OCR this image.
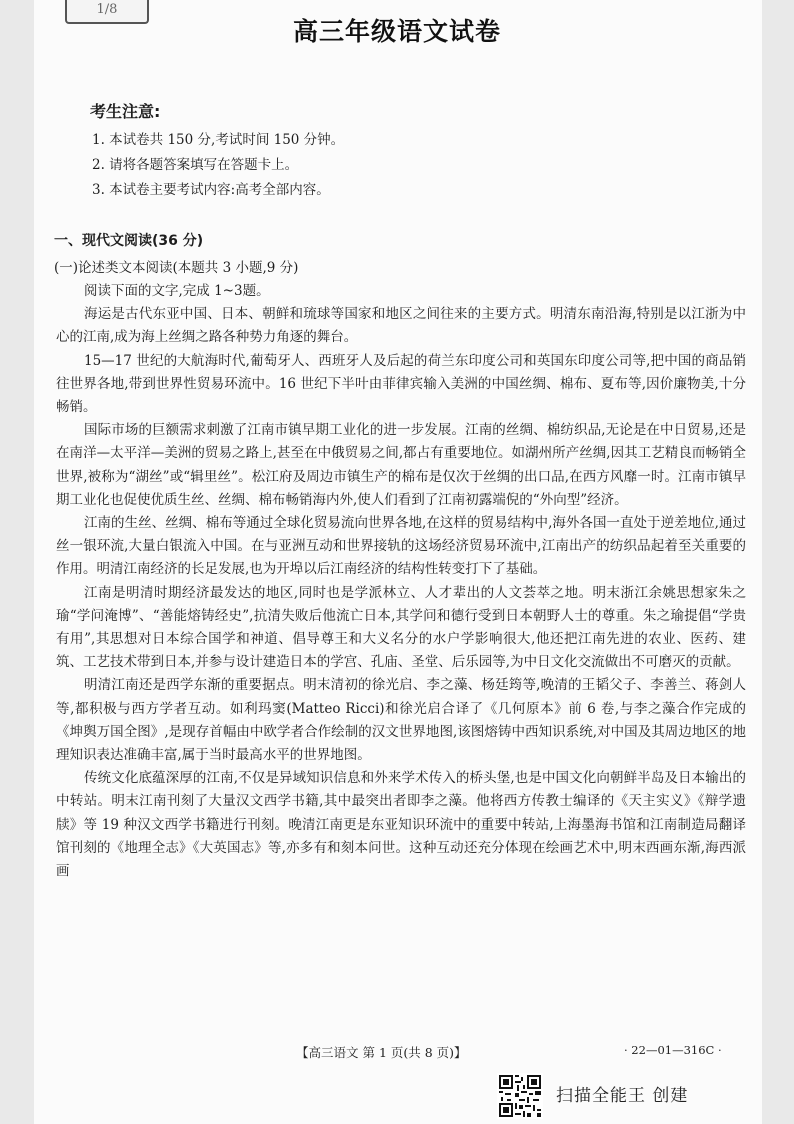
1/8
高三年级语文试卷
考生注意:
1. 本试卷共 150 分,考试时间 150 分钟。
2. 请将各题答案填写在答题卡上。
3. 本试卷主要考试内容:高考全部内容。
一、现代文阅读(36 分)
(一)论述类文本阅读(本题共 3 小题,9 分)

阅读下面的文字,完成 1~3题。

海运是古代东亚中国、日本、朝鲜和琉球等国家和地区之间往来的主要方式。明清东南沿海,特别是以江浙为中心的江南,成为海上丝绸之路各种势力角逐的舞台。

15—17 世纪的大航海时代,葡萄牙人、西班牙人及后起的荷兰东印度公司和英国东印度公司等,把中国的商品销往世界各地,带到世界性贸易环流中。16 世纪下半叶由菲律宾输入美洲的中国丝绸、棉布、夏布等,因价廉物美,十分畅销。

国际市场的巨额需求刺激了江南市镇早期工业化的进一步发展。江南的丝绸、棉纺织品,无论是在中日贸易,还是在南洋—太平洋—美洲的贸易之路上,甚至在中俄贸易之间,都占有重要地位。如湖州所产丝绸,因其工艺精良而畅销全世界,被称为“湖丝”或“辑里丝”。松江府及周边市镇生产的棉布是仅次于丝绸的出口品,在西方风靡一时。江南市镇早期工业化也促使优质生丝、丝绸、棉布畅销海内外,使人们看到了江南初露端倪的“外向型”经济。

江南的生丝、丝绸、棉布等通过全球化贸易流向世界各地,在这样的贸易结构中,海外各国一直处于逆差地位,通过丝一银环流,大量白银流入中国。在与亚洲互动和世界接轨的这场经济贸易环流中,江南出产的纺织品起着至关重要的作用。明清江南经济的长足发展,也为开埠以后江南经济的结构性转变打下了基础。

江南是明清时期经济最发达的地区,同时也是学派林立、人才辈出的人文荟萃之地。明末浙江余姚思想家朱之瑜“学问淹博”、“善能熔铸经史”,抗清失败后他流亡日本,其学问和德行受到日本朝野人士的尊重。朱之瑜提倡“学贵有用”,其思想对日本综合国学和神道、倡导尊王和大义名分的水户学影响很大,他还把江南先进的农业、医药、建筑、工艺技术带到日本,并参与设计建造日本的学宫、孔庙、圣堂、后乐园等,为中日文化交流做出不可磨灭的贡献。

明清江南还是西学东渐的重要据点。明末清初的徐光启、李之藻、杨廷筠等,晚清的王韬父子、李善兰、蒋剑人等,都积极与西方学者互动。如利玛窦(Matteo Ricci)和徐光启合译了《几何原本》前 6 卷,与李之藻合作完成的《坤舆万国全图》,是现存首幅由中欧学者合作绘制的汉文世界地图,该图熔铸中西知识系统,对中国及其周边地区的地理知识表达准确丰富,属于当时最高水平的世界地图。

传统文化底蕴深厚的江南,不仅是异域知识信息和外来学术传入的桥头堡,也是中国文化向朝鲜半岛及日本输出的中转站。明末江南刊刻了大量汉文西学书籍,其中最突出者即李之藻。他将西方传教士编译的《天主实义》《辩学遗牍》等 19 种汉文西学书籍进行刊刻。晚清江南更是东亚知识环流中的重要中转站,上海墨海书馆和江南制造局翻译馆刊刻的《地理全志》《大英国志》等,亦多有和刻本问世。这种互动还充分体现在绘画艺术中,明末西画东渐,海西派画

【高三语文 第 1 页(共 8 页)】	· 22—01—316C ·
扫描全能王 创建
